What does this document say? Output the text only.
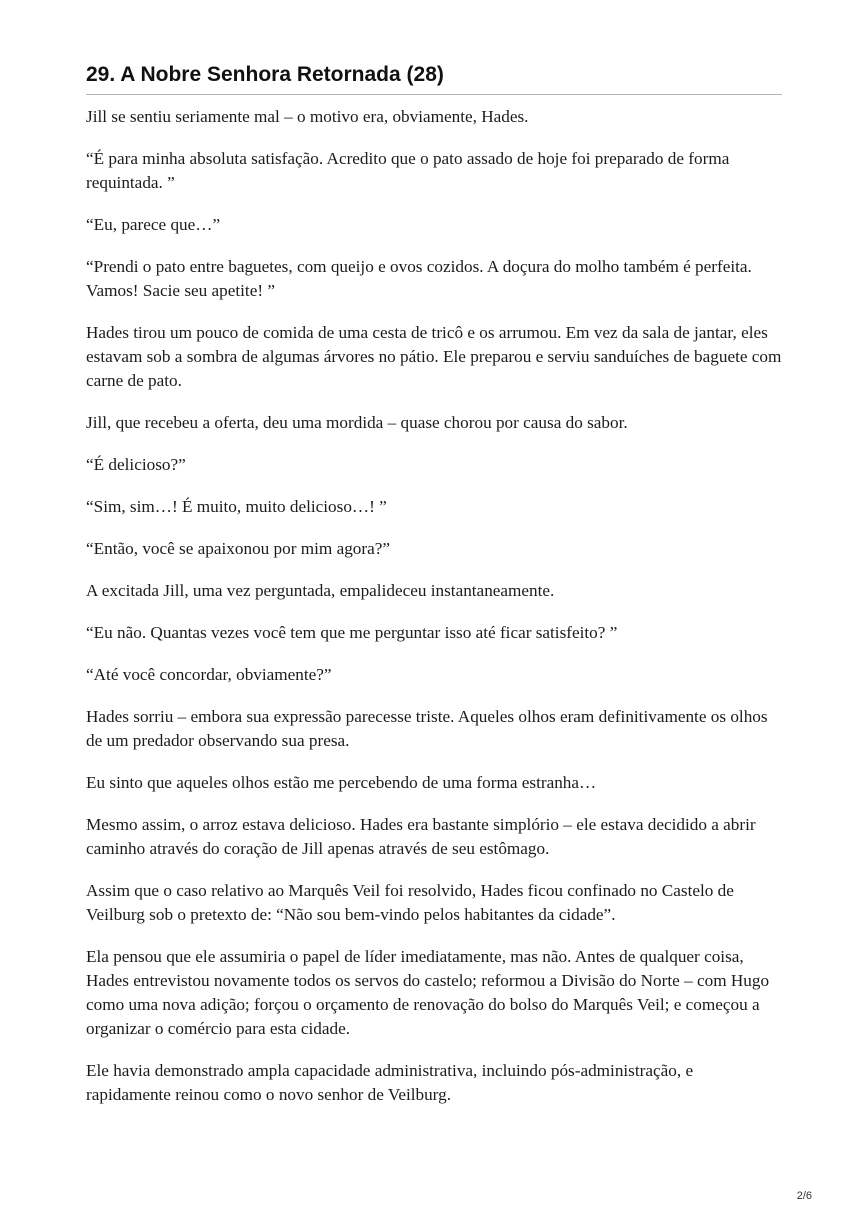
29. A Nobre Senhora Retornada (28)

Jill se sentiu seriamente mal – o motivo era, obviamente, Hades.

“É para minha absoluta satisfação. Acredito que o pato assado de hoje foi preparado de forma requintada. ”

“Eu, parece que…”

“Prendi o pato entre baguetes, com queijo e ovos cozidos. A doçura do molho também é perfeita. Vamos! Sacie seu apetite! ”

Hades tirou um pouco de comida de uma cesta de tricô e os arrumou. Em vez da sala de jantar, eles estavam sob a sombra de algumas árvores no pátio. Ele preparou e serviu sanduíches de baguete com carne de pato.

Jill, que recebeu a oferta, deu uma mordida – quase chorou por causa do sabor.

“É delicioso?”

“Sim, sim…! É muito, muito delicioso…! ”

“Então, você se apaixonou por mim agora?”

A excitada Jill, uma vez perguntada, empalideceu instantaneamente.

“Eu não. Quantas vezes você tem que me perguntar isso até ficar satisfeito? ”

“Até você concordar, obviamente?”

Hades sorriu – embora sua expressão parecesse triste. Aqueles olhos eram definitivamente os olhos de um predador observando sua presa.

Eu sinto que aqueles olhos estão me percebendo de uma forma estranha…

Mesmo assim, o arroz estava delicioso. Hades era bastante simplório – ele estava decidido a abrir caminho através do coração de Jill apenas através de seu estômago.

Assim que o caso relativo ao Marquês Veil foi resolvido, Hades ficou confinado no Castelo de Veilburg sob o pretexto de: “Não sou bem-vindo pelos habitantes da cidade”.

Ela pensou que ele assumiria o papel de líder imediatamente, mas não. Antes de qualquer coisa, Hades entrevistou novamente todos os servos do castelo; reformou a Divisão do Norte – com Hugo como uma nova adição; forçou o orçamento de renovação do bolso do Marquês Veil; e começou a organizar o comércio para esta cidade.

Ele havia demonstrado ampla capacidade administrativa, incluindo pós-administração, e rapidamente reinou como o novo senhor de Veilburg.

2/6
